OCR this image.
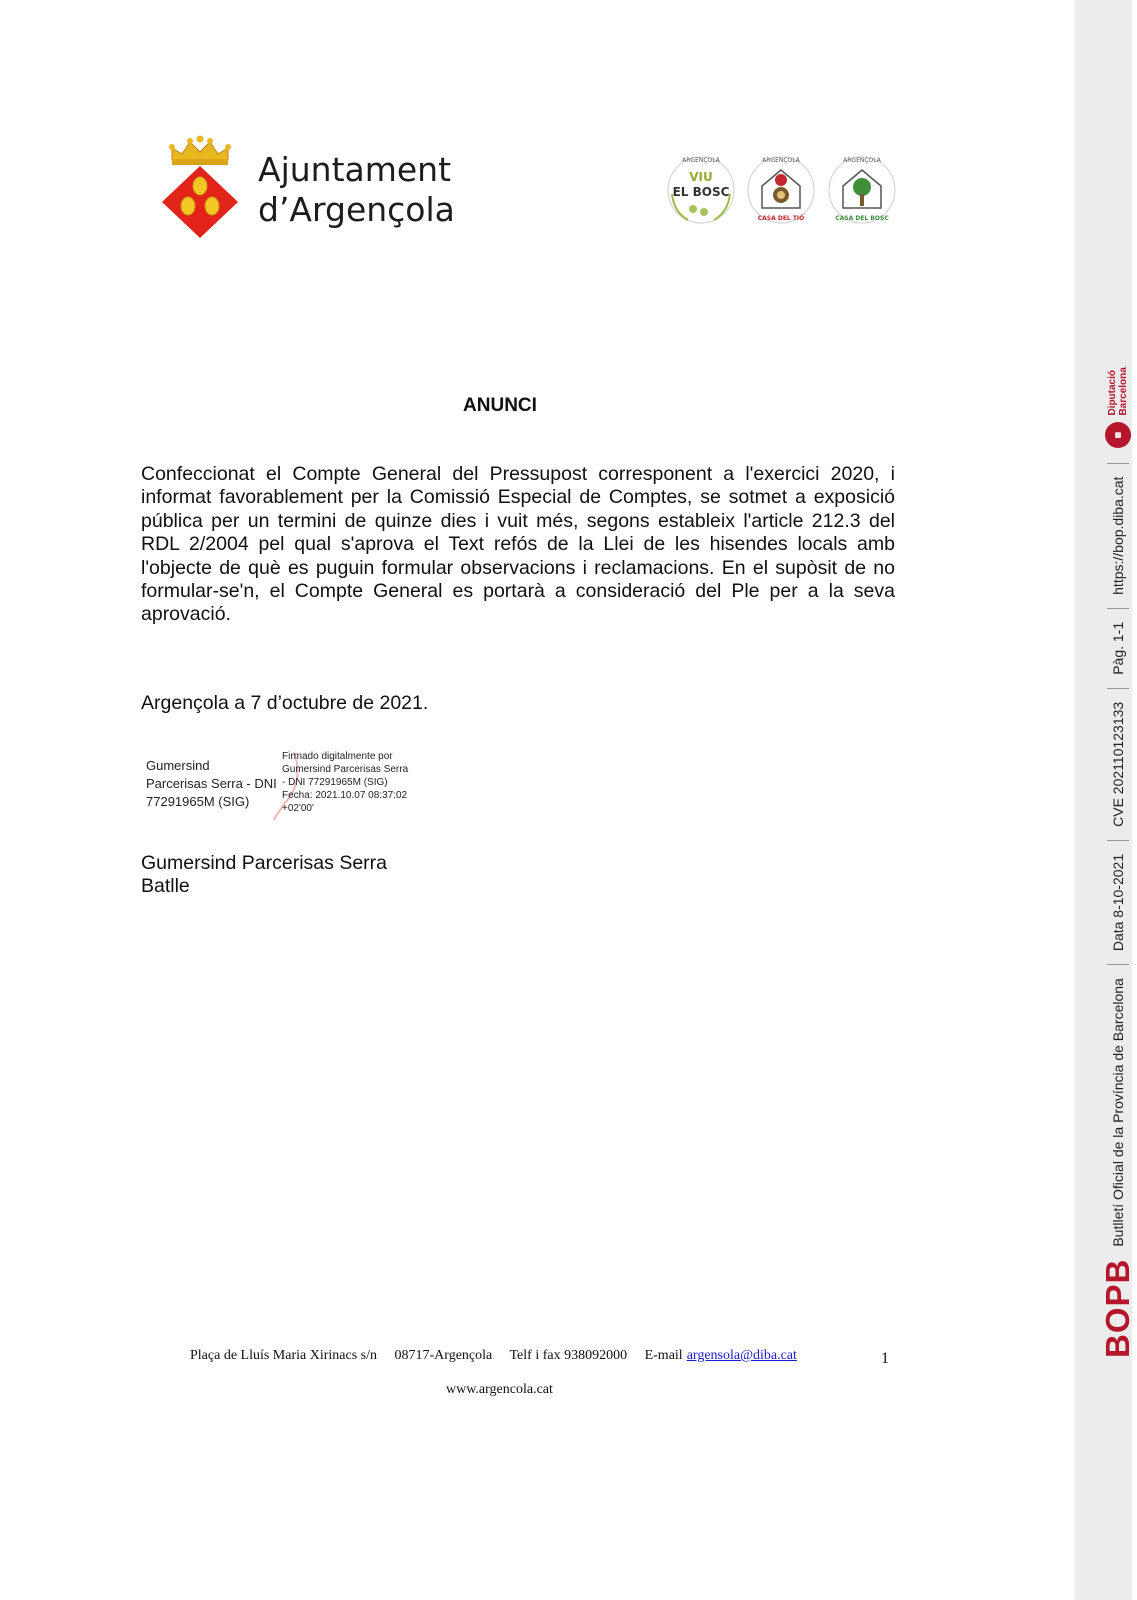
BOPB
Butlletí Oficial de la Província de Barcelona
Data 8-10-2021
CVE 202110123133
Pàg. 1-1
https://bop.diba.cat
▦
Diputació
Barcelona
Ajuntament
d’Argençola
ARGENÇOLA
VIU
EL BOSC
ARGENÇOLA
CASA DEL TIÓ
ARGENÇOLA
CASA DEL BOSC
ANUNCI
Confeccionat el Compte General del Pressupost corresponent a l'exercici 2020, i informat favorablement per la Comissió Especial de Comptes, se sotmet a exposició pública per un termini de quinze dies i vuit més, segons estableix l'article 212.3 del RDL 2/2004 pel qual s'aprova el Text refós de la Llei de les hisendes locals amb l'objecte de què es puguin formular observacions i reclamacions. En el supòsit de no formular-se'n, el Compte General es portarà a consideració del Ple per a la seva aprovació.
Argençola a 7 d’octubre de 2021.
Gumersind
Parcerisas Serra - DNI
77291965M (SIG)
Firmado digitalmente por
Gumersind Parcerisas Serra
- DNI 77291965M (SIG)
Fecha: 2021.10.07 08:37:02
+02'00'
Gumersind Parcerisas Serra
Batlle
Plaça de Lluís Maria Xirinacs s/n 08717-Argençola Telf i fax 938092000 E-mail argensola@diba.cat	1
www.argencola.cat
